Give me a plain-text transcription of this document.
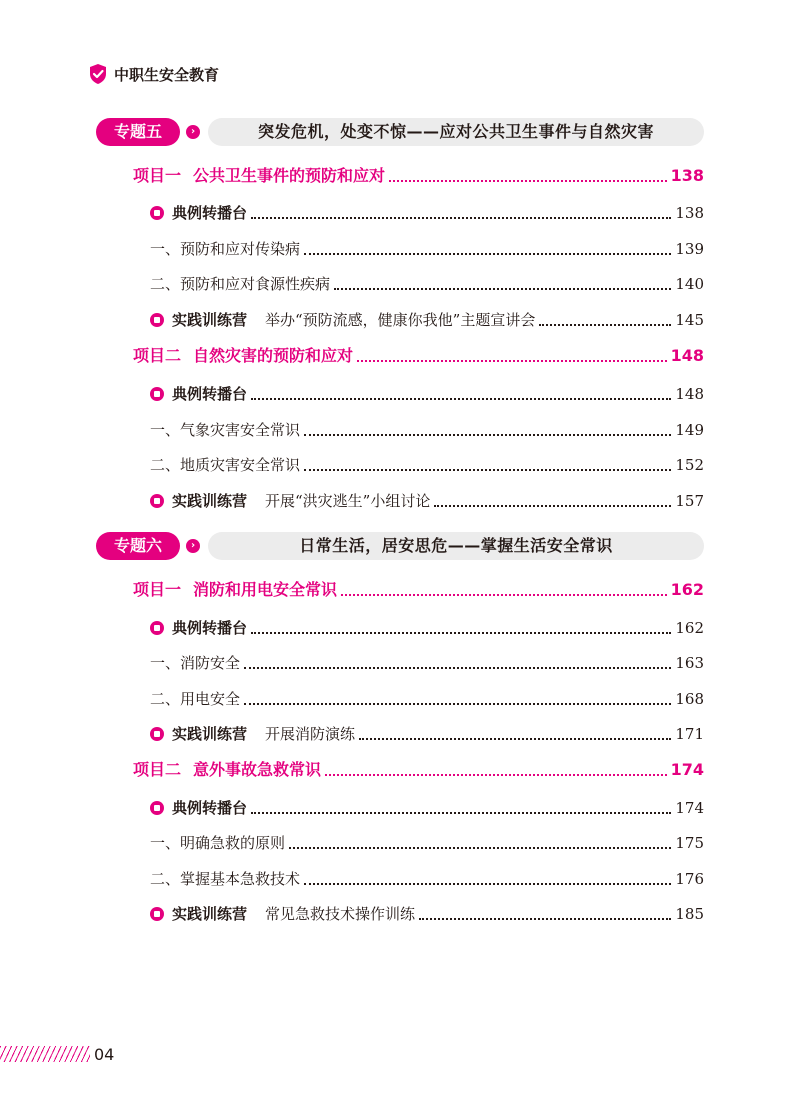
中职生安全教育
专题五	›	突发危机，处变不惊——应对公共卫生事件与自然灾害
项目一 公共卫生事件的预防和应对	138
典例转播台	138
一、预防和应对传染病	139
二、预防和应对食源性疾病	140
实践训练营 举办“预防流感，健康你我他”主题宣讲会	145
项目二 自然灾害的预防和应对	148
典例转播台	148
一、气象灾害安全常识	149
二、地质灾害安全常识	152
实践训练营 开展“洪灾逃生”小组讨论	157
专题六	›	日常生活，居安思危——掌握生活安全常识
项目一 消防和用电安全常识	162
典例转播台	162
一、消防安全	163
二、用电安全	168
实践训练营 开展消防演练	171
项目二 意外事故急救常识	174
典例转播台	174
一、明确急救的原则	175
二、掌握基本急救技术	176
实践训练营 常见急救技术操作训练	185
04
